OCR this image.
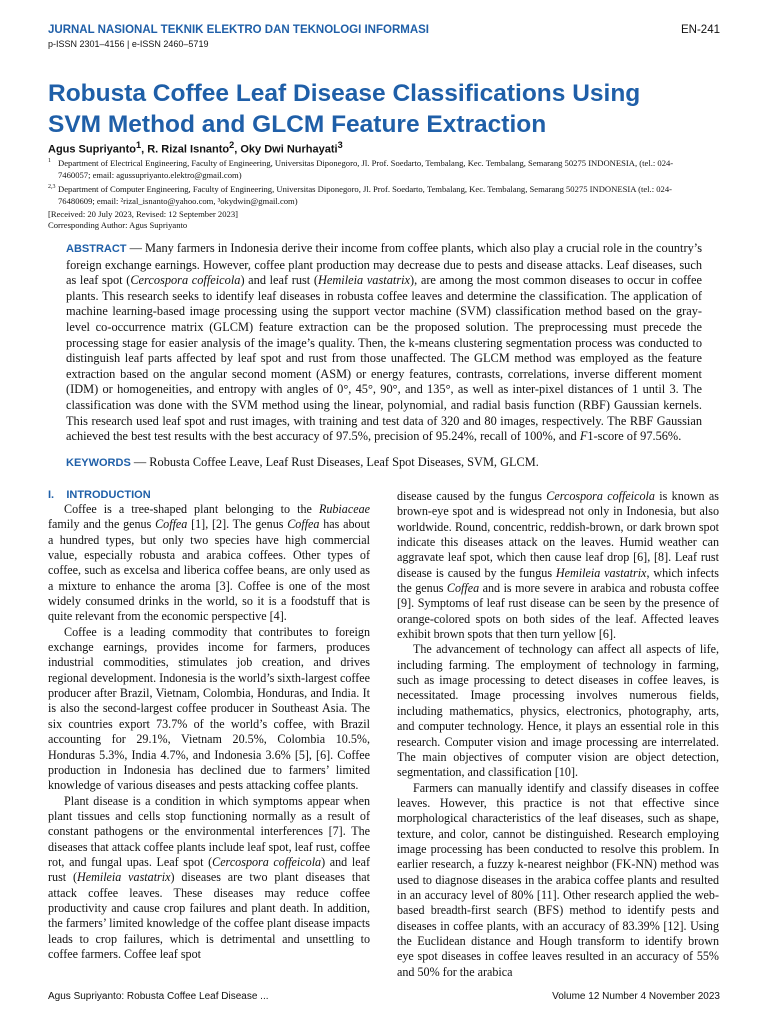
JURNAL NASIONAL TEKNIK ELEKTRO DAN TEKNOLOGI INFORMASI
p-ISSN 2301–4156 | e-ISSN 2460–5719
EN-241
Robusta Coffee Leaf Disease Classifications Using
SVM Method and GLCM Feature Extraction
Agus Supriyanto$^1$, R. Rizal Isnanto$^2$, Oky Dwi Nurhayati$^3$
1 Department of Electrical Engineering, Faculty of Engineering, Universitas Diponegoro, Jl. Prof. Soedarto, Tembalang, Kec. Tembalang, Semarang 50275 INDONESIA, (tel.: 024-
7460057; email: agussupriyanto.elektro@gmail.com)
2,3 Department of Computer Engineering, Faculty of Engineering, Universitas Diponegoro, Jl. Prof. Soedarto, Tembalang, Kec. Tembalang, Semarang 50275 INDONESIA (tel.: 024-
76480609; email: ²rizal_isnanto@yahoo.com, ³okydwin@gmail.com)
[Received: 20 July 2023, Revised: 12 September 2023]
Corresponding Author: Agus Supriyanto
ABSTRACT — Many farmers in Indonesia derive their income from coffee plants, which also play a crucial role in the country’s foreign exchange earnings. However, coffee plant production may decrease due to pests and disease attacks. Leaf diseases, such as leaf spot (Cercospora coffeicola) and leaf rust (Hemileia vastatrix), are among the most common diseases to occur in coffee plants. This research seeks to identify leaf diseases in robusta coffee leaves and determine the classification. The application of machine learning-based image processing using the support vector machine (SVM) classification method based on the gray-level co-occurrence matrix (GLCM) feature extraction can be the proposed solution. The preprocessing must precede the processing stage for easier analysis of the image’s quality. Then, the k-means clustering segmentation process was conducted to distinguish leaf parts affected by leaf spot and rust from those unaffected. The GLCM method was employed as the feature extraction based on the angular second moment (ASM) or energy features, contrasts, correlations, inverse different moment (IDM) or homogeneities, and entropy with angles of 0°, 45°, 90°, and 135°, as well as inter-pixel distances of 1 until 3. The classification was done with the SVM method using the linear, polynomial, and radial basis function (RBF) Gaussian kernels. This research used leaf spot and rust images, with training and test data of 320 and 80 images, respectively. The RBF Gaussian achieved the best test results with the best accuracy of 97.5%, precision of 95.24%, recall of 100%, and F1-score of 97.56%.
KEYWORDS — Robusta Coffee Leave, Leaf Rust Diseases, Leaf Spot Diseases, SVM, GLCM.
I.    INTRODUCTION

Coffee is a tree-shaped plant belonging to the Rubiaceae family and the genus Coffea [1], [2]. The genus Coffea has about a hundred types, but only two species have high commercial value, especially robusta and arabica coffees. Other types of coffee, such as excelsa and liberica coffee beans, are only used as a mixture to enhance the aroma [3]. Coffee is one of the most widely consumed drinks in the world, so it is a foodstuff that is quite relevant from the economic perspective [4].

Coffee is a leading commodity that contributes to foreign exchange earnings, provides income for farmers, produces industrial commodities, stimulates job creation, and drives regional development. Indonesia is the world’s sixth-largest coffee producer after Brazil, Vietnam, Colombia, Honduras, and India. It is also the second-largest coffee producer in Southeast Asia. The six countries export 73.7% of the world’s coffee, with Brazil accounting for 29.1%, Vietnam 20.5%, Colombia 10.5%, Honduras 5.3%, India 4.7%, and Indonesia 3.6% [5], [6]. Coffee production in Indonesia has declined due to farmers’ limited knowledge of various diseases and pests attacking coffee plants.

Plant disease is a condition in which symptoms appear when plant tissues and cells stop functioning normally as a result of constant pathogens or the environmental interferences [7]. The diseases that attack coffee plants include leaf spot, leaf rust, coffee rot, and fungal upas. Leaf spot (Cercospora coffeicola) and leaf rust (Hemileia vastatrix) diseases are two plant diseases that attack coffee leaves. These diseases may reduce coffee productivity and cause crop failures and plant death. In addition, the farmers’ limited knowledge of the coffee plant disease impacts leads to crop failures, which is detrimental and unsettling to coffee farmers. Coffee leaf spot

disease caused by the fungus Cercospora coffeicola is known as brown-eye spot and is widespread not only in Indonesia, but also worldwide. Round, concentric, reddish-brown, or dark brown spot indicate this diseases attack on the leaves. Humid weather can aggravate leaf spot, which then cause leaf drop [6], [8]. Leaf rust disease is caused by the fungus Hemileia vastatrix, which infects the genus Coffea and is more severe in arabica and robusta coffee [9]. Symptoms of leaf rust disease can be seen by the presence of orange-colored spots on both sides of the leaf. Affected leaves exhibit brown spots that then turn yellow [6].

The advancement of technology can affect all aspects of life, including farming. The employment of technology in farming, such as image processing to detect diseases in coffee leaves, is necessitated. Image processing involves numerous fields, including mathematics, physics, electronics, photography, arts, and computer technology. Hence, it plays an essential role in this research. Computer vision and image processing are interrelated. The main objectives of computer vision are object detection, segmentation, and classification [10].

Farmers can manually identify and classify diseases in coffee leaves. However, this practice is not that effective since morphological characteristics of the leaf diseases, such as shape, texture, and color, cannot be distinguished. Research employing image processing has been conducted to resolve this problem. In earlier research, a fuzzy k-nearest neighbor (FK-NN) method was used to diagnose diseases in the arabica coffee plants and resulted in an accuracy level of 80% [11]. Other research applied the web-based breadth-first search (BFS) method to identify pests and diseases in coffee plants, with an accuracy of 83.39% [12]. Using the Euclidean distance and Hough transform to identify brown eye spot diseases in coffee leaves resulted in an accuracy of 55% and 50% for the arabica

Agus Supriyanto: Robusta Coffee Leaf Disease ...	Volume 12 Number 4 November 2023
